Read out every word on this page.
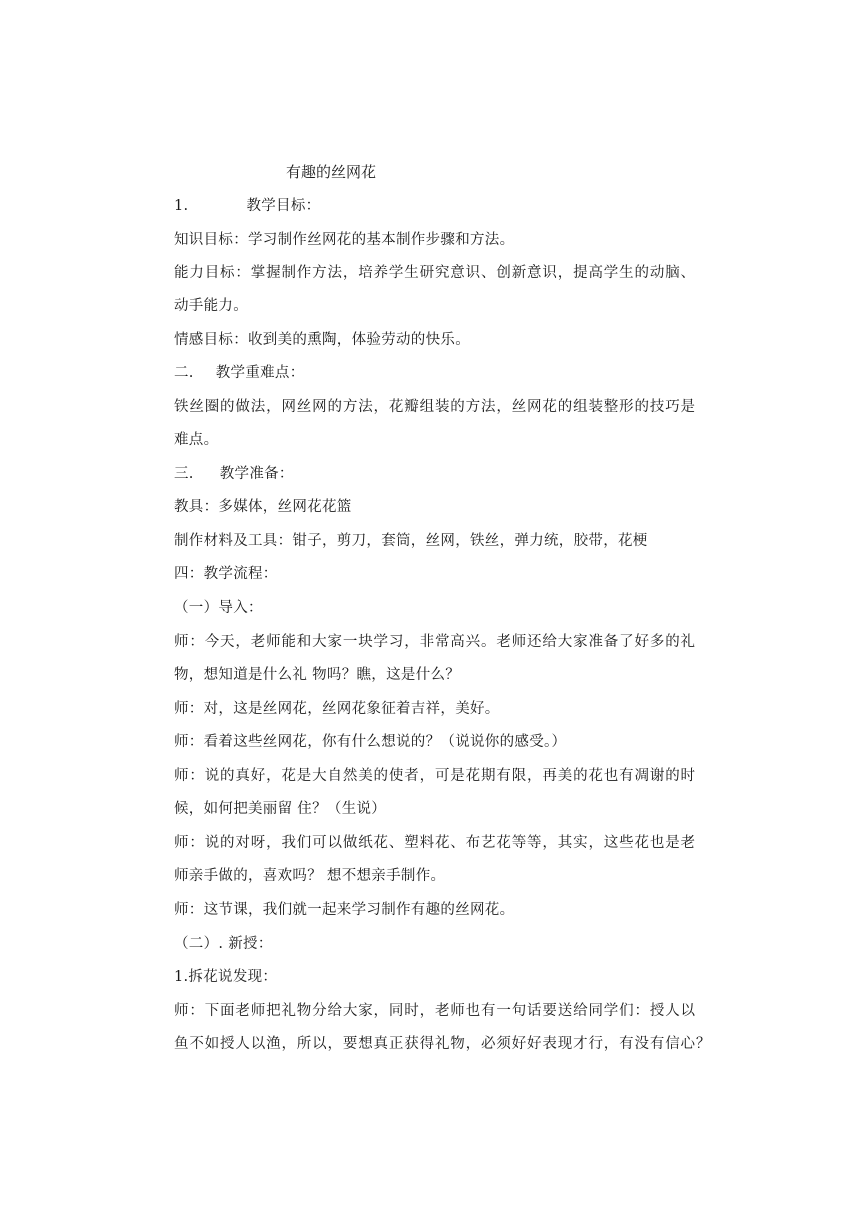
有趣的丝网花
1.	教学目标：
知识目标：学习制作丝网花的基本制作步骤和方法。
能力目标：掌握制作方法，培养学生研究意识、创新意识，提高学生的动脑、
动手能力。
情感目标：收到美的熏陶，体验劳动的快乐。
二. 教学重难点：
铁丝圈的做法，网丝网的方法，花瓣组装的方法，丝网花的组装整形的技巧是
难点。
三. 教学准备：
教具：多媒体，丝网花花篮
制作材料及工具：钳子，剪刀，套筒，丝网，铁丝，弹力统，胶带，花梗
四：教学流程：
（一）导入：
师：今天，老师能和大家一块学习，非常高兴。老师还给大家准备了好多的礼
物，想知道是什么礼 物吗？瞧，这是什么？
师：对，这是丝网花，丝网花象征着吉祥，美好。
师：看着这些丝网花，你有什么想说的？（说说你的感受。）
师：说的真好，花是大自然美的使者，可是花期有限，再美的花也有凋谢的时
候，如何把美丽留 住？（生说）
师：说的对呀，我们可以做纸花、塑料花、布艺花等等，其实，这些花也是老
师亲手做的，喜欢吗？ 想不想亲手制作。
师：这节课，我们就一起来学习制作有趣的丝网花。
（二）. 新授：
1.拆花说发现：
师：下面老师把礼物分给大家，同时，老师也有一句话要送给同学们：授人以
鱼不如授人以渔，所以，要想真正获得礼物，必须好好表现才行，有没有信心？
